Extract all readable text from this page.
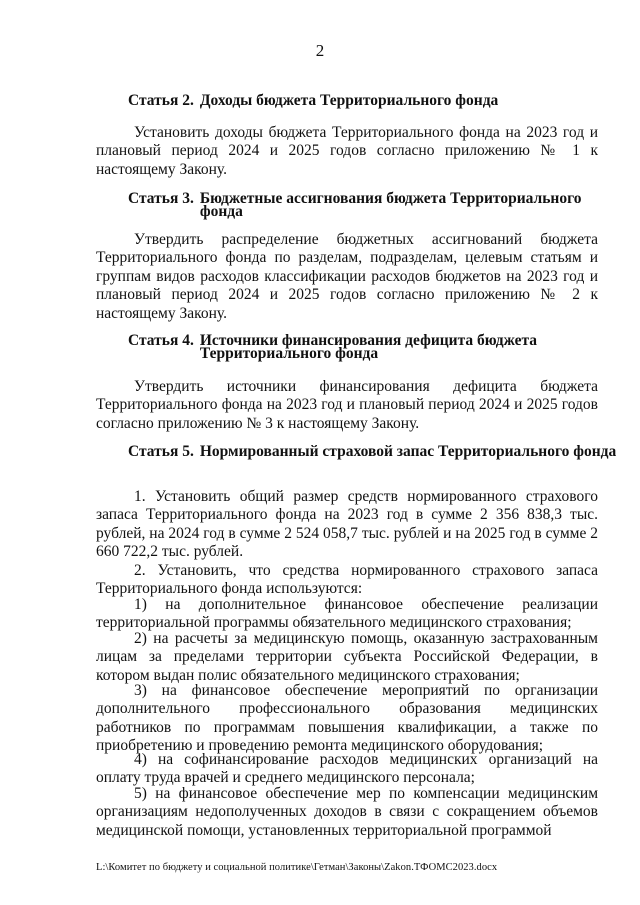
2
Статья 2. Доходы бюджета Территориального фонда
Установить доходы бюджета Территориального фонда на 2023 год и плановый период 2024 и 2025 годов согласно приложению № 1 к настоящему Закону.
Статья 3. Бюджетные ассигнования бюджета Территориального фонда
Утвердить распределение бюджетных ассигнований бюджета Территориального фонда по разделам, подразделам, целевым статьям и группам видов расходов классификации расходов бюджетов на 2023 год и плановый период 2024 и 2025 годов согласно приложению № 2 к настоящему Закону.
Статья 4. Источники финансирования дефицита бюджета Территориального фонда
Утвердить источники финансирования дефицита бюджета Территориального фонда на 2023 год и плановый период 2024 и 2025 годов согласно приложению № 3 к настоящему Закону.
Статья 5. Нормированный страховой запас Территориального фонда
1. Установить общий размер средств нормированного страхового запаса Территориального фонда на 2023 год в сумме 2 356 838,3 тыс. рублей, на 2024 год в сумме 2 524 058,7 тыс. рублей и на 2025 год в сумме 2 660 722,2 тыс. рублей.
2. Установить, что средства нормированного страхового запаса Территориального фонда используются:
1) на дополнительное финансовое обеспечение реализации территориальной программы обязательного медицинского страхования;
2) на расчеты за медицинскую помощь, оказанную застрахованным лицам за пределами территории субъекта Российской Федерации, в котором выдан полис обязательного медицинского страхования;
3) на финансовое обеспечение мероприятий по организации дополнительного профессионального образования медицинских работников по программам повышения квалификации, а также по приобретению и проведению ремонта медицинского оборудования;
4) на софинансирование расходов медицинских организаций на оплату труда врачей и среднего медицинского персонала;
5) на финансовое обеспечение мер по компенсации медицинским организациям недополученных доходов в связи с сокращением объемов медицинской помощи, установленных территориальной программой
L:\Комитет по бюджету и социальной политике\Гетман\Законы\Zakon.ТФОМС2023.docx
